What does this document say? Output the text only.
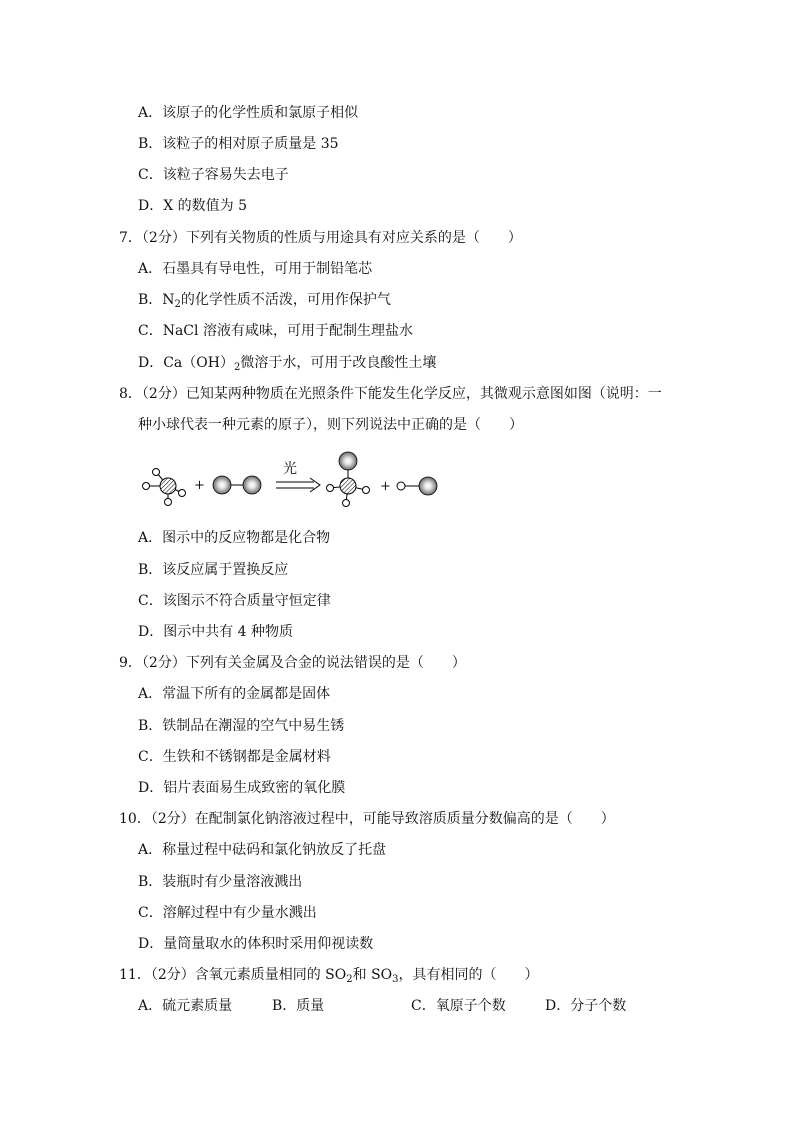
A．该原子的化学性质和氯原子相似
B．该粒子的相对原子质量是 35
C．该粒子容易失去电子
D．X 的数值为 5
7．（2分）下列有关物质的性质与用途具有对应关系的是（　　）
A．石墨具有导电性，可用于制铅笔芯
B．$N_2$的化学性质不活泼，可用作保护气
C．NaCl 溶液有咸味，可用于配制生理盐水
D．$Ca(OH)_2$微溶于水，可用于改良酸性土壤
8．（2分）已知某两种物质在光照条件下能发生化学反应，其微观示意图如图（说明：一
种小球代表一种元素的原子），则下列说法中正确的是（　　）
+
光
+
A．图示中的反应物都是化合物
B．该反应属于置换反应
C．该图示不符合质量守恒定律
D．图示中共有 4 种物质
9．（2分）下列有关金属及合金的说法错误的是（　　）
A．常温下所有的金属都是固体
B．铁制品在潮湿的空气中易生锈
C．生铁和不锈钢都是金属材料
D．铝片表面易生成致密的氧化膜
10．（2分）在配制氯化钠溶液过程中，可能导致溶质质量分数偏高的是（　　）
A．称量过程中砝码和氯化钠放反了托盘
B．装瓶时有少量溶液溅出
C．溶解过程中有少量水溅出
D．量筒量取水的体积时采用仰视读数
11．（2分）含氧元素质量相同的 $SO_2$和 $SO_3$，具有相同的（　　）
A．硫元素质量	B．质量	C．氧原子个数	D．分子个数
